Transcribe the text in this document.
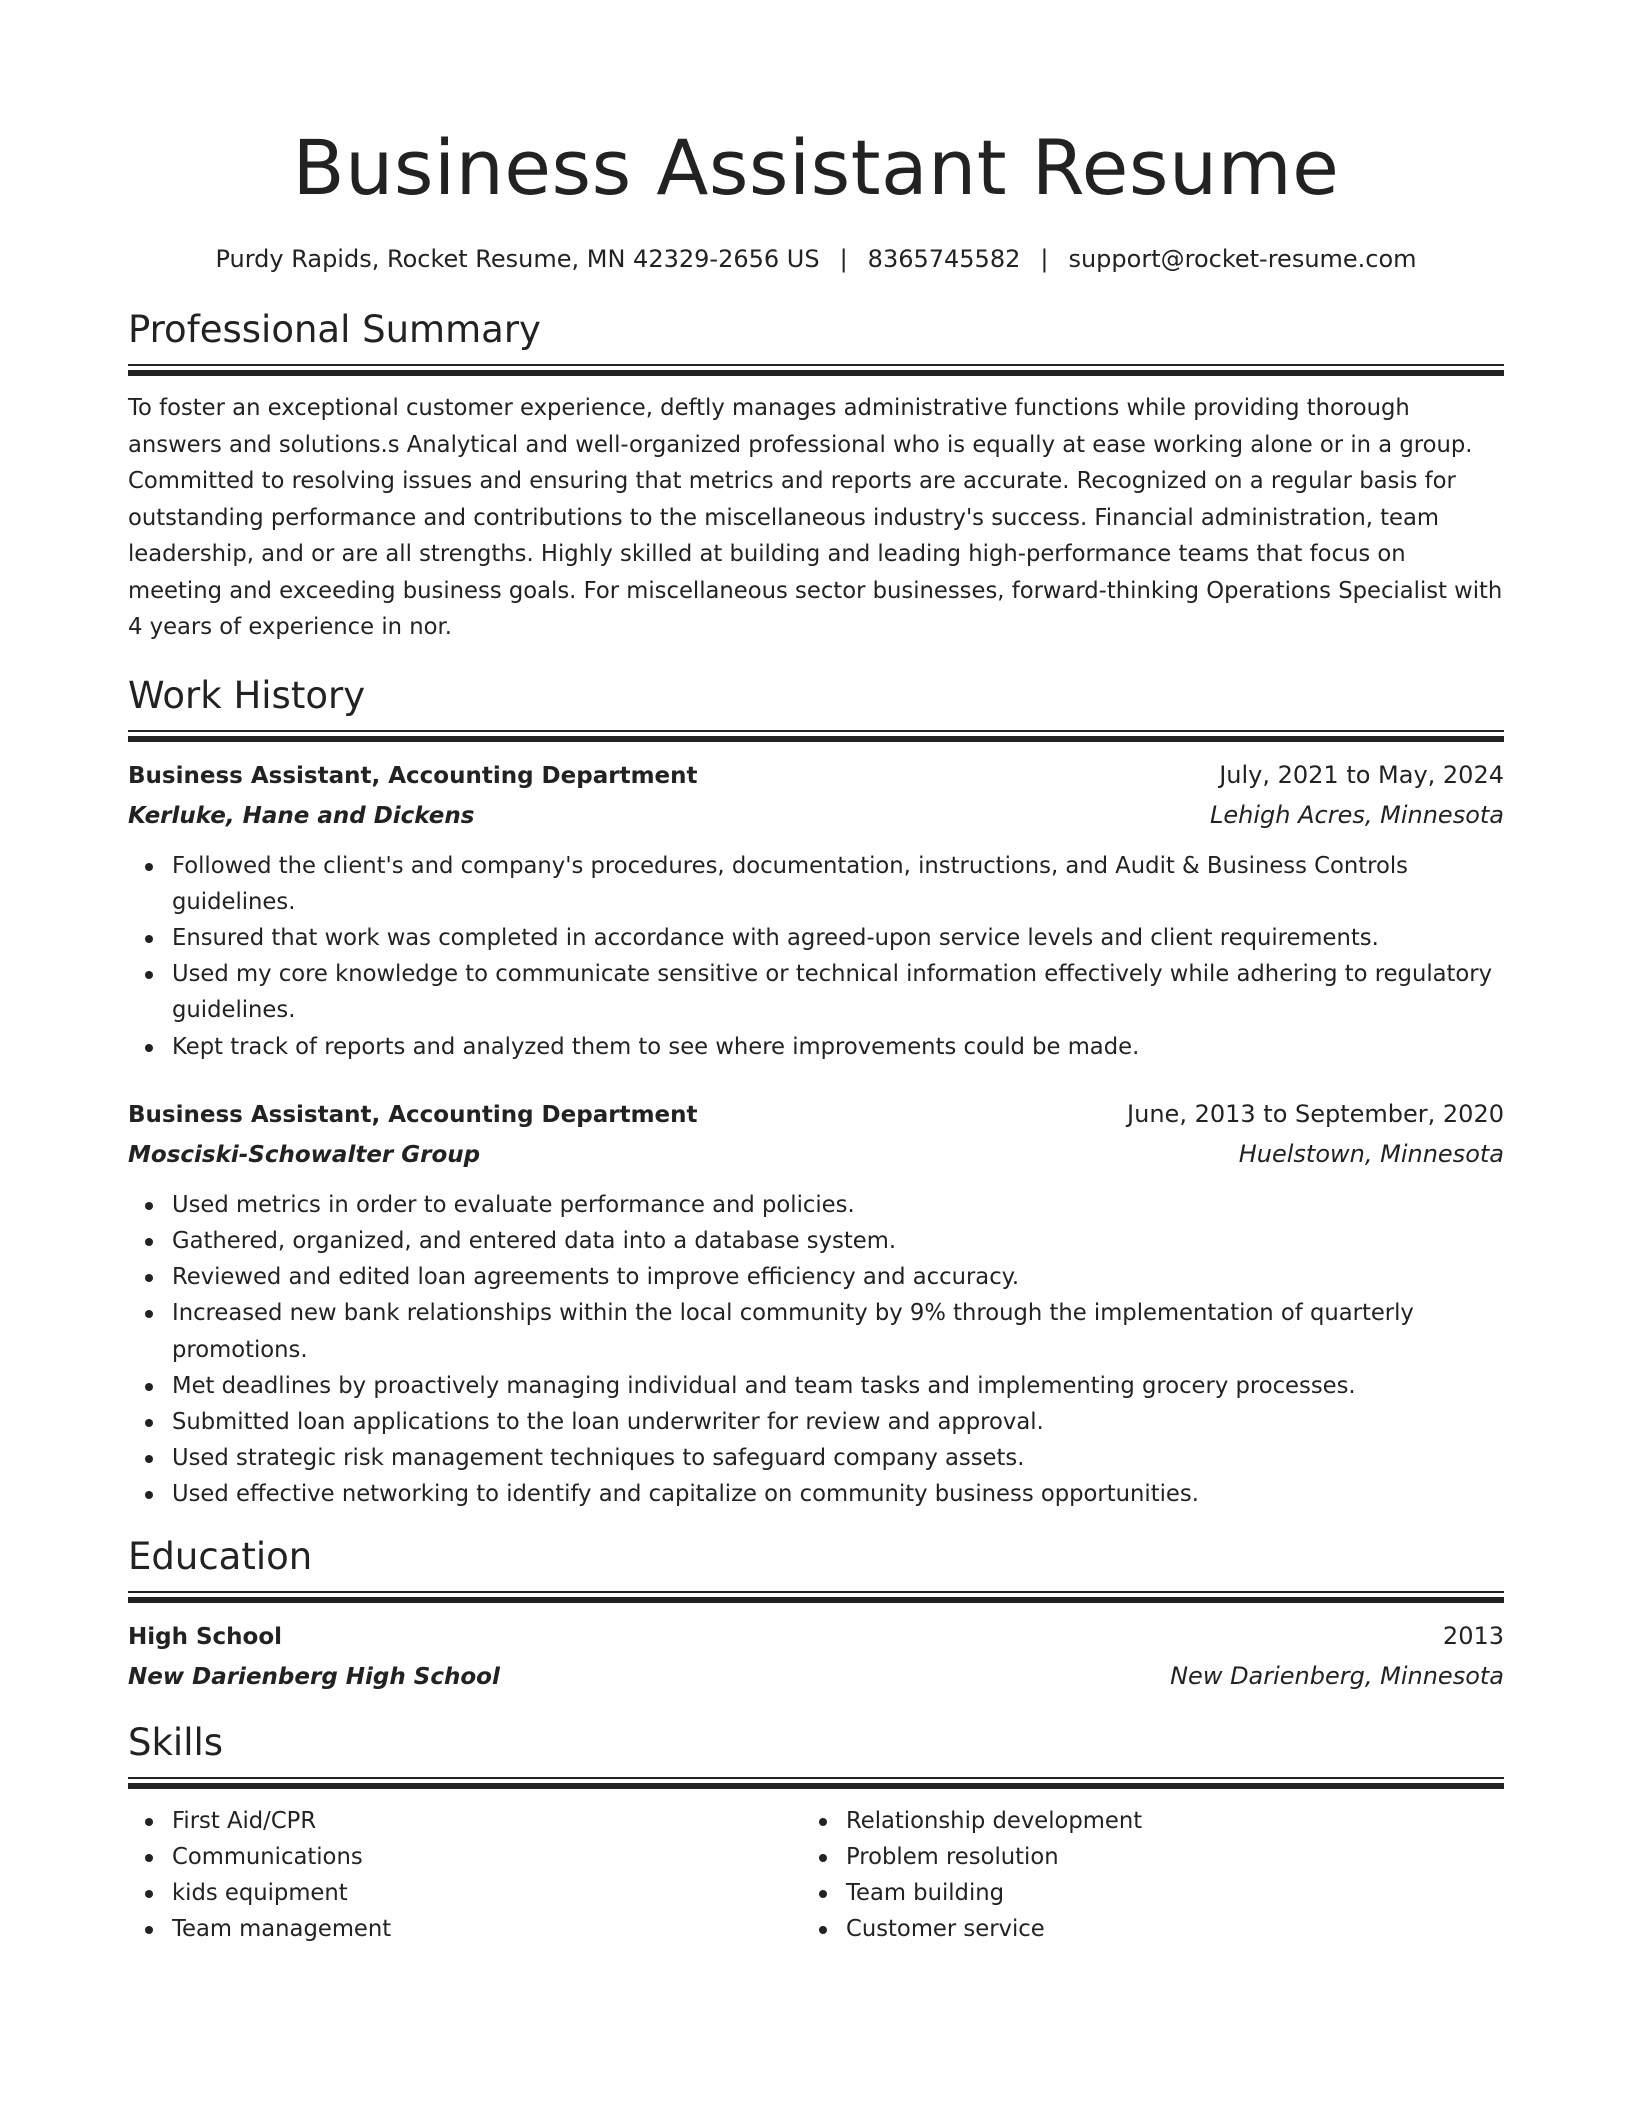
Business Assistant Resume
Purdy Rapids, Rocket Resume, MN 42329-2656 US | 8365745582 | support@rocket-resume.com
Professional Summary

To foster an exceptional customer experience, deftly manages administrative functions while providing thorough answers and solutions.s Analytical and well-organized professional who is equally at ease working alone or in a group. Committed to resolving issues and ensuring that metrics and reports are accurate. Recognized on a regular basis for outstanding performance and contributions to the miscellaneous industry's success. Financial administration, team leadership, and or are all strengths. Highly skilled at building and leading high-performance teams that focus on meeting and exceeding business goals. For miscellaneous sector businesses, forward-thinking Operations Specialist with 4 years of experience in nor.

Work History
Business Assistant, Accounting Department	July, 2021 to May, 2024
Kerluke, Hane and Dickens	Lehigh Acres, Minnesota
Followed the client's and company's procedures, documentation, instructions, and Audit & Business Controls guidelines.
Ensured that work was completed in accordance with agreed-upon service levels and client requirements.
Used my core knowledge to communicate sensitive or technical information effectively while adhering to regulatory guidelines.
Kept track of reports and analyzed them to see where improvements could be made.
Business Assistant, Accounting Department	June, 2013 to September, 2020
Mosciski-Schowalter Group	Huelstown, Minnesota
Used metrics in order to evaluate performance and policies.
Gathered, organized, and entered data into a database system.
Reviewed and edited loan agreements to improve efficiency and accuracy.
Increased new bank relationships within the local community by 9% through the implementation of quarterly promotions.
Met deadlines by proactively managing individual and team tasks and implementing grocery processes.
Submitted loan applications to the loan underwriter for review and approval.
Used strategic risk management techniques to safeguard company assets.
Used effective networking to identify and capitalize on community business opportunities.
Education
High School	2013
New Darienberg High School	New Darienberg, Minnesota
Skills
First Aid/CPR
Communications
kids equipment
Team management
Relationship development
Problem resolution
Team building
Customer service
